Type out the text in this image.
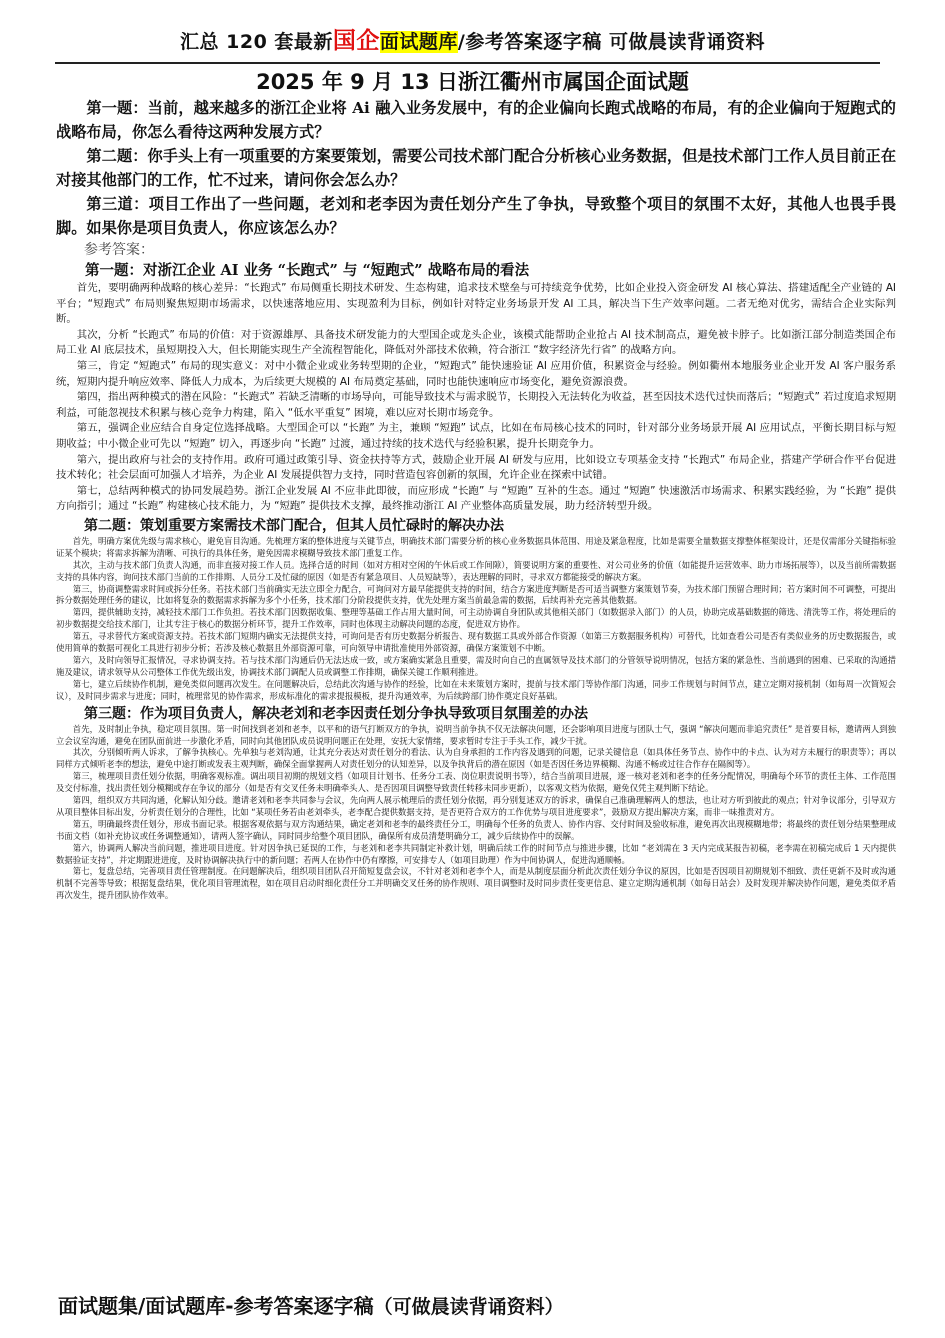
汇总 120 套最新国企面试题库/参考答案逐字稿 可做晨读背诵资料
2025 年 9 月 13 日浙江衢州市属国企面试题

第一题：当前，越来越多的浙江企业将 Ai 融入业务发展中，有的企业偏向长跑式战略的布局，有的企业偏向于短跑式的战略布局，你怎么看待这两种发展方式？

第二题：你手头上有一项重要的方案要策划，需要公司技术部门配合分析核心业务数据，但是技术部门工作人员目前正在对接其他部门的工作，忙不过来，请问你会怎么办？

第三道：项目工作出了一些问题，老刘和老李因为责任划分产生了争执，导致整个项目的氛围不太好，其他人也畏手畏脚。如果你是项目负责人，你应该怎么办？

参考答案：

第一题：对浙江企业 AI 业务 “长跑式” 与 “短跑式” 战略布局的看法

首先，要明确两种战略的核心差异：“长跑式” 布局侧重长期技术研发、生态构建，追求技术壁垒与可持续竞争优势，比如企业投入资金研发 AI 核心算法、搭建适配全产业链的 AI 平台；“短跑式” 布局则聚焦短期市场需求，以快速落地应用、实现盈利为目标，例如针对特定业务场景开发 AI 工具，解决当下生产效率问题。二者无绝对优劣，需结合企业实际判断。

其次，分析 “长跑式” 布局的价值：对于资源雄厚、具备技术研发能力的大型国企或龙头企业，该模式能帮助企业抢占 AI 技术制高点，避免被卡脖子。比如浙江部分制造类国企布局工业 AI 底层技术，虽短期投入大，但长期能实现生产全流程智能化，降低对外部技术依赖，符合浙江 “数字经济先行省” 的战略方向。

第三，肯定 “短跑式” 布局的现实意义：对中小微企业或业务转型期的企业，“短跑式” 能快速验证 AI 应用价值，积累资金与经验。例如衢州本地服务业企业开发 AI 客户服务系统，短期内提升响应效率、降低人力成本，为后续更大规模的 AI 布局奠定基础，同时也能快速响应市场变化，避免资源浪费。

第四，指出两种模式的潜在风险：“长跑式” 若缺乏清晰的市场导向，可能导致技术与需求脱节，长期投入无法转化为收益，甚至因技术迭代过快而落后；“短跑式” 若过度追求短期利益，可能忽视技术积累与核心竞争力构建，陷入 “低水平重复” 困境，难以应对长期市场竞争。

第五，强调企业应结合自身定位选择战略。大型国企可以 “长跑” 为主，兼顾 “短跑” 试点，比如在布局核心技术的同时，针对部分业务场景开展 AI 应用试点，平衡长期目标与短期收益；中小微企业可先以 “短跑” 切入，再逐步向 “长跑” 过渡，通过持续的技术迭代与经验积累，提升长期竞争力。

第六，提出政府与社会的支持作用。政府可通过政策引导、资金扶持等方式，鼓励企业开展 AI 研发与应用，比如设立专项基金支持 “长跑式” 布局企业，搭建产学研合作平台促进技术转化；社会层面可加强人才培养，为企业 AI 发展提供智力支持，同时营造包容创新的氛围，允许企业在探索中试错。

第七，总结两种模式的协同发展趋势。浙江企业发展 AI 不应非此即彼，而应形成 “长跑” 与 “短跑” 互补的生态。通过 “短跑” 快速激活市场需求、积累实践经验，为 “长跑” 提供方向指引；通过 “长跑” 构建核心技术能力，为 “短跑” 提供技术支撑，最终推动浙江 AI 产业整体高质量发展，助力经济转型升级。

第二题：策划重要方案需技术部门配合，但其人员忙碌时的解决办法

首先，明确方案优先级与需求核心，避免盲目沟通。先梳理方案的整体进度与关键节点，明确技术部门需要分析的核心业务数据具体范围、用途及紧急程度，比如是需要全量数据支撑整体框架设计，还是仅需部分关键指标验证某个模块；将需求拆解为清晰、可执行的具体任务，避免因需求模糊导致技术部门重复工作。

其次，主动与技术部门负责人沟通，而非直接对接工作人员。选择合适的时间（如对方相对空闲的午休后或工作间隙），简要说明方案的重要性、对公司业务的价值（如能提升运营效率、助力市场拓展等），以及当前所需数据支持的具体内容，询问技术部门当前的工作排期、人员分工及忙碌的原因（如是否有紧急项目、人员短缺等），表达理解的同时，寻求双方都能接受的解决方案。

第三，协商调整需求时间或拆分任务。若技术部门当前确实无法立即全力配合，可询问对方最早能提供支持的时间，结合方案进度判断是否可适当调整方案策划节奏，为技术部门预留合理时间；若方案时间不可调整，可提出拆分数据处理任务的建议，比如将复杂的数据需求拆解为多个小任务，技术部门分阶段提供支持，优先处理方案当前最急需的数据，后续再补充完善其他数据。

第四，提供辅助支持，减轻技术部门工作负担。若技术部门因数据收集、整理等基础工作占用大量时间，可主动协调自身团队或其他相关部门（如数据录入部门）的人员，协助完成基础数据的筛选、清洗等工作，将处理后的初步数据提交给技术部门，让其专注于核心的数据分析环节，提升工作效率，同时也体现主动解决问题的态度，促进双方协作。

第五，寻求替代方案或资源支持。若技术部门短期内确实无法提供支持，可询问是否有历史数据分析报告、现有数据工具或外部合作资源（如第三方数据服务机构）可替代，比如查看公司是否有类似业务的历史数据报告，或使用简单的数据可视化工具进行初步分析；若涉及核心数据且外部资源可靠，可向领导申请批准使用外部资源，确保方案策划不中断。

第六，及时向领导汇报情况，寻求协调支持。若与技术部门沟通后仍无法达成一致，或方案确实紧急且重要，需及时向自己的直属领导及技术部门的分管领导说明情况，包括方案的紧急性、当前遇到的困难、已采取的沟通措施及建议，请求领导从公司整体工作优先级出发，协调技术部门调配人员或调整工作排期，确保关键工作顺利推进。

第七，建立后续协作机制，避免类似问题再次发生。在问题解决后，总结此次沟通与协作的经验，比如在未来策划方案时，提前与技术部门等协作部门沟通，同步工作规划与时间节点，建立定期对接机制（如每周一次简短会议），及时同步需求与进度；同时，梳理常见的协作需求，形成标准化的需求提报模板，提升沟通效率，为后续跨部门协作奠定良好基础。

第三题：作为项目负责人，解决老刘和老李因责任划分争执导致项目氛围差的办法

首先，及时制止争执，稳定项目氛围。第一时间找到老刘和老李，以平和的语气打断双方的争执，说明当前争执不仅无法解决问题，还会影响项目进度与团队士气，强调 “解决问题而非追究责任” 是首要目标，邀请两人到独立会议室沟通，避免在团队面前进一步激化矛盾，同时向其他团队成员说明问题正在处理，安抚大家情绪，要求暂时专注于手头工作，减少干扰。

其次，分别倾听两人诉求，了解争执核心。先单独与老刘沟通，让其充分表达对责任划分的看法、认为自身承担的工作内容及遇到的问题，记录关键信息（如具体任务节点、协作中的卡点、认为对方未履行的职责等）；再以同样方式倾听老李的想法，避免中途打断或发表主观判断，确保全面掌握两人对责任划分的认知差异，以及争执背后的潜在原因（如是否因任务边界模糊、沟通不畅或过往合作存在隔阂等）。

第三，梳理项目责任划分依据，明确客观标准。调出项目初期的规划文档（如项目计划书、任务分工表、岗位职责说明书等），结合当前项目进展，逐一核对老刘和老李的任务分配情况，明确每个环节的责任主体、工作范围及交付标准，找出责任划分模糊或存在争议的部分（如是否有交叉任务未明确牵头人、是否因项目调整导致责任转移未同步更新），以客观文档为依据，避免仅凭主观判断下结论。

第四，组织双方共同沟通，化解认知分歧。邀请老刘和老李共同参与会议，先向两人展示梳理后的责任划分依据，再分别复述双方的诉求，确保自己准确理解两人的想法，也让对方听到彼此的观点；针对争议部分，引导双方从项目整体目标出发，分析责任划分的合理性，比如 “某项任务若由老刘牵头，老李配合提供数据支持，是否更符合双方的工作优势与项目进度要求”，鼓励双方提出解决方案，而非一味推责对方。

第五，明确最终责任划分，形成书面记录。根据客观依据与双方沟通结果，确定老刘和老李的最终责任分工，明确每个任务的负责人、协作内容、交付时间及验收标准，避免再次出现模糊地带；将最终的责任划分结果整理成书面文档（如补充协议或任务调整通知），请两人签字确认，同时同步给整个项目团队，确保所有成员清楚明确分工，减少后续协作中的误解。

第六，协调两人解决当前问题，推进项目进度。针对因争执已延误的工作，与老刘和老李共同制定补救计划，明确后续工作的时间节点与推进步骤，比如 “老刘需在 3 天内完成某报告初稿，老李需在初稿完成后 1 天内提供数据验证支持”，并定期跟进进度，及时协调解决执行中的新问题；若两人在协作中仍有摩擦，可安排专人（如项目助理）作为中间协调人，促进沟通顺畅。

第七，复盘总结，完善项目责任管理制度。在问题解决后，组织项目团队召开简短复盘会议，不针对老刘和老李个人，而是从制度层面分析此次责任划分争议的原因，比如是否因项目初期规划不细致、责任更新不及时或沟通机制不完善等导致；根据复盘结果，优化项目管理流程，如在项目启动时细化责任分工并明确交叉任务的协作规则、项目调整时及时同步责任变更信息、建立定期沟通机制（如每日站会）及时发现并解决协作问题，避免类似矛盾再次发生，提升团队协作效率。

面试题集/面试题库-参考答案逐字稿（可做晨读背诵资料）
